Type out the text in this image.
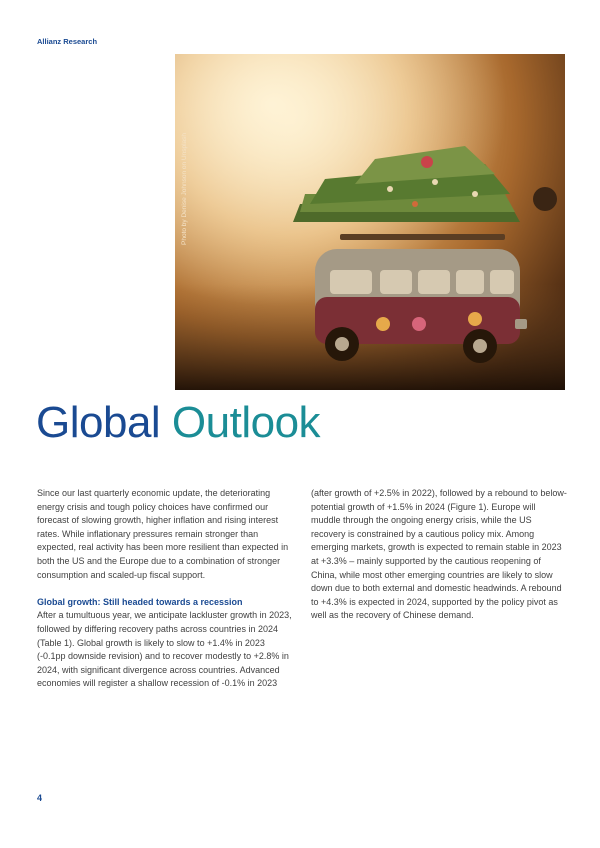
Allianz Research
Photo by Denise Johnson on Unsplash
Global Outlook

Since our last quarterly economic update, the deteriorating energy crisis and tough policy choices have confirmed our forecast of slowing growth, higher inflation and rising interest rates. While inflationary pressures remain stronger than expected, real activity has been more resilient than expected in both the US and the Europe due to a combination of stronger consumption and scaled-up fiscal support.

Global growth: Still headed towards a recession

After a tumultuous year, we anticipate lackluster growth in 2023, followed by differing recovery paths across countries in 2024 (Table 1). Global growth is likely to slow to +1.4% in 2023 (-0.1pp downside revision) and to recover modestly to +2.8% in 2024, with significant divergence across countries. Advanced economies will register a shallow recession of -0.1% in 2023

(after growth of +2.5% in 2022), followed by a rebound to below-potential growth of +1.5% in 2024 (Figure 1). Europe will muddle through the ongoing energy crisis, while the US recovery is constrained by a cautious policy mix. Among emerging markets, growth is expected to remain stable in 2023 at +3.3% – mainly supported by the cautious reopening of China, while most other emerging countries are likely to slow down due to both external and domestic headwinds. A rebound to +4.3% is expected in 2024, supported by the policy pivot as well as the recovery of Chinese demand.

4
